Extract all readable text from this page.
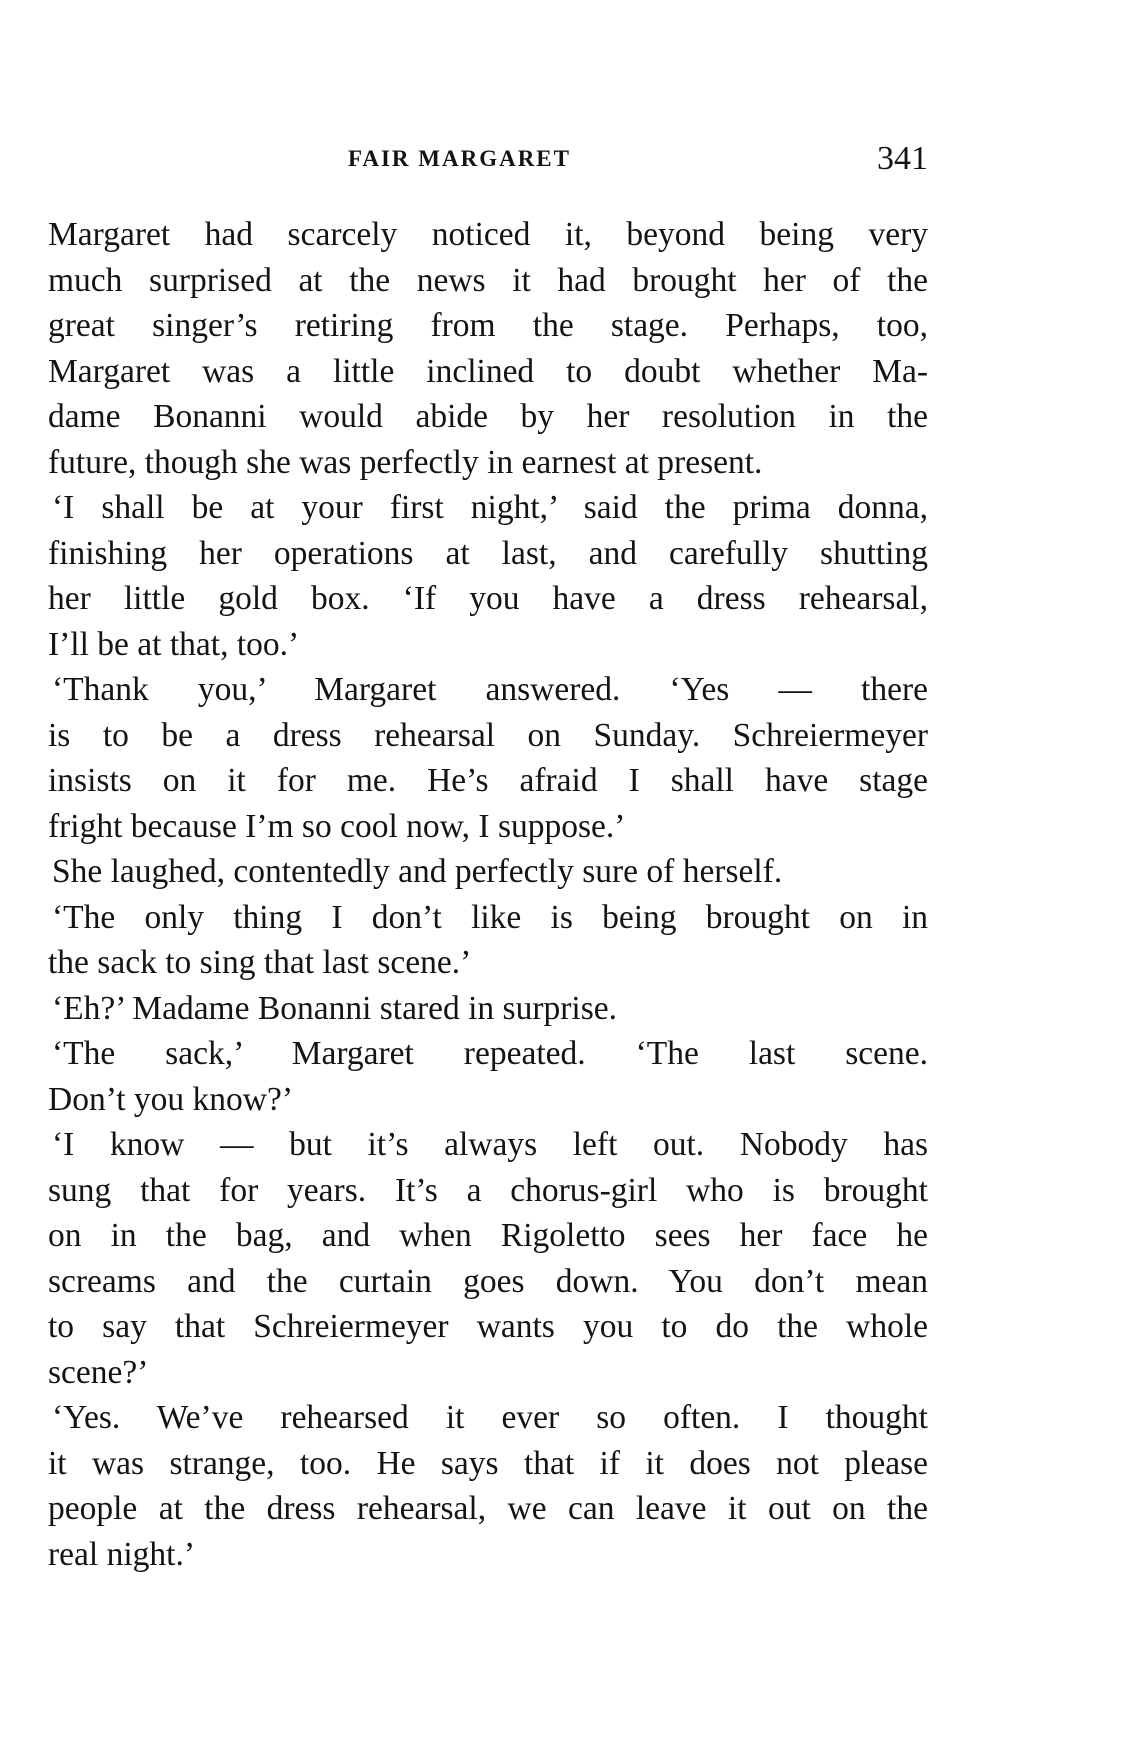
FAIR MARGARET	341
Margaret had scarcely noticed it, beyond being very
much surprised at the news it had brought her of the
great singer’s retiring from the stage. Perhaps, too,
Margaret was a little inclined to doubt whether Ma-
dame Bonanni would abide by her resolution in the
future, though she was perfectly in earnest at present.
‘I shall be at your first night,’ said the prima donna,
finishing her operations at last, and carefully shutting
her little gold box. ‘If you have a dress rehearsal,
I’ll be at that, too.’
‘Thank you,’ Margaret answered. ‘Yes — there
is to be a dress rehearsal on Sunday. Schreiermeyer
insists on it for me. He’s afraid I shall have stage
fright because I’m so cool now, I suppose.’
She laughed, contentedly and perfectly sure of herself.
‘The only thing I don’t like is being brought on in
the sack to sing that last scene.’
‘Eh?’ Madame Bonanni stared in surprise.
‘The sack,’ Margaret repeated. ‘The last scene.
Don’t you know?’
‘I know — but it’s always left out. Nobody has
sung that for years. It’s a chorus-girl who is brought
on in the bag, and when Rigoletto sees her face he
screams and the curtain goes down. You don’t mean
to say that Schreiermeyer wants you to do the whole
scene?’
‘Yes. We’ve rehearsed it ever so often. I thought
it was strange, too. He says that if it does not please
people at the dress rehearsal, we can leave it out on the
real night.’
